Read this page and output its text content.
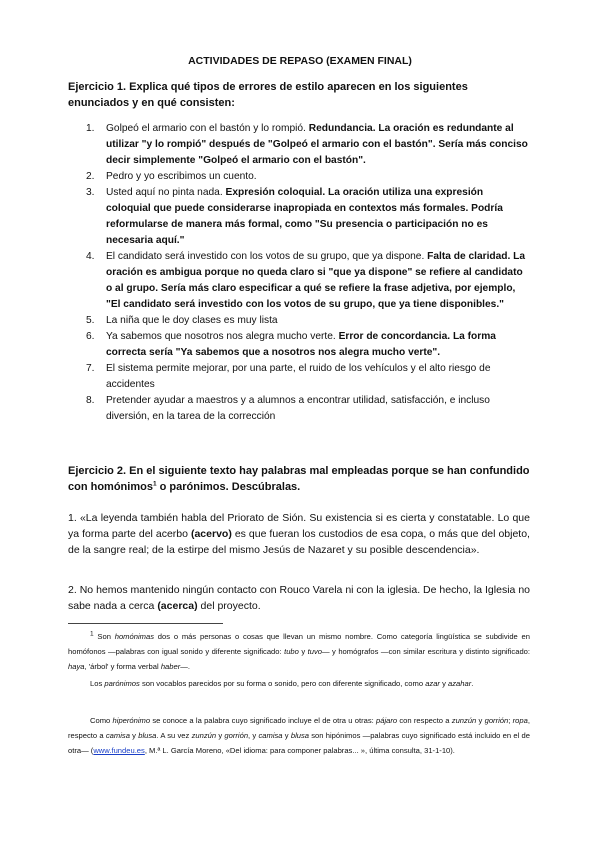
ACTIVIDADES DE REPASO (EXAMEN FINAL)
Ejercicio 1. Explica qué tipos de errores de estilo aparecen en los siguientes enunciados y en qué consisten:
1. Golpeó el armario con el bastón y lo rompió. Redundancia. La oración es redundante al utilizar "y lo rompió" después de "Golpeó el armario con el bastón". Sería más conciso decir simplemente "Golpeó el armario con el bastón".
2. Pedro y yo escribimos un cuento.
3. Usted aquí no pinta nada. Expresión coloquial. La oración utiliza una expresión coloquial que puede considerarse inapropiada en contextos más formales. Podría reformularse de manera más formal, como "Su presencia o participación no es necesaria aquí."
4. El candidato será investido con los votos de su grupo, que ya dispone. Falta de claridad. La oración es ambigua porque no queda claro si "que ya dispone" se refiere al candidato o al grupo. Sería más claro especificar a qué se refiere la frase adjetiva, por ejemplo, "El candidato será investido con los votos de su grupo, que ya tiene disponibles."
5. La niña que le doy clases es muy lista
6. Ya sabemos que nosotros nos alegra mucho verte. Error de concordancia. La forma correcta sería "Ya sabemos que a nosotros nos alegra mucho verte".
7. El sistema permite mejorar, por una parte, el ruido de los vehículos y el alto riesgo de accidentes
8. Pretender ayudar a maestros y a alumnos a encontrar utilidad, satisfacción, e incluso diversión, en la tarea de la corrección
Ejercicio 2. En el siguiente texto hay palabras mal empleadas porque se han confundido con homónimos$^1$ o parónimos. Descúbralas.
1. «La leyenda también habla del Priorato de Sión. Su existencia si es cierta y constatable. Lo que ya forma parte del acerbo (acervo) es que fueran los custodios de esa copa, o más que del objeto, de la sangre real; de la estirpe del mismo Jesús de Nazaret y su posible descendencia».
2. No hemos mantenido ningún contacto con Rouco Varela ni con la iglesia. De hecho, la Iglesia no sabe nada a cerca (acerca) del proyecto.
$^1$ Son homónimas dos o más personas o cosas que llevan un mismo nombre. Como categoría lingüística se subdivide en homófonos —palabras con igual sonido y diferente significado: tubo y tuvo— y homógrafos —con similar escritura y distinto significado: haya, 'árbol' y forma verbal haber—.
Los parónimos son vocablos parecidos por su forma o sonido, pero con diferente significado, como azar y azahar.
Como hiperónimo se conoce a la palabra cuyo significado incluye el de otra u otras: pájaro con respecto a zunzún y gorrión; ropa, respecto a camisa y blusa. A su vez zunzún y gorrión, y camisa y blusa son hipónimos —palabras cuyo significado está incluido en el de otra— (www.fundeu.es, M.ª L. García Moreno, «Del idioma: para componer palabras... », última consulta, 31-1-10).
